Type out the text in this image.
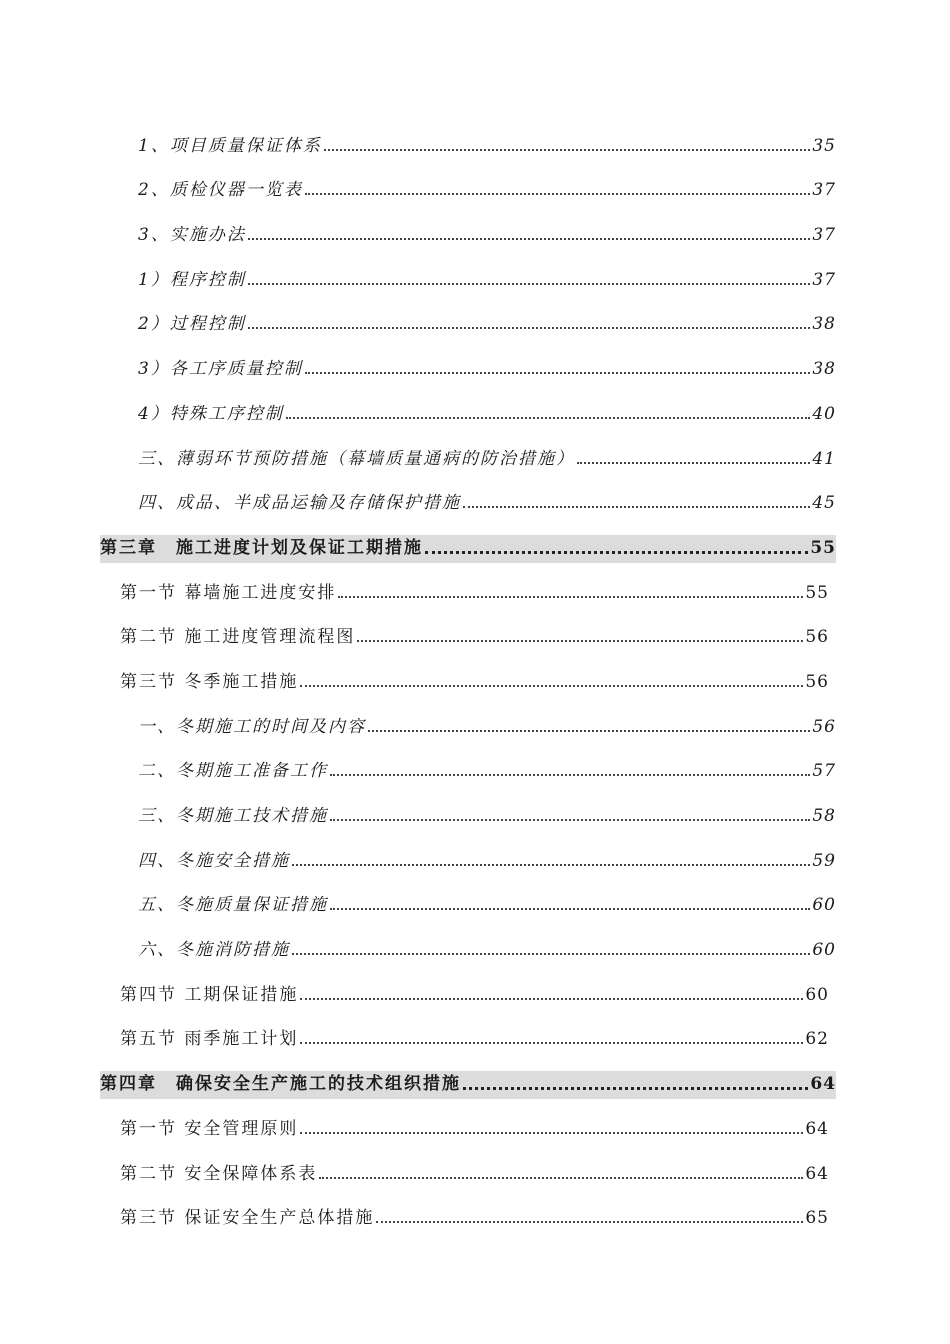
1、项目质量保证体系	35
2、质检仪器一览表	37
3、实施办法	37
1）程序控制	37
2）过程控制	38
3）各工序质量控制	38
4）特殊工序控制	40
三、薄弱环节预防措施（幕墙质量通病的防治措施）	41
四、成品、半成品运输及存储保护措施	45
第三章　施工进度计划及保证工期措施	55
第一节 幕墙施工进度安排	55
第二节 施工进度管理流程图	56
第三节 冬季施工措施	56
一、冬期施工的时间及内容	56
二、冬期施工准备工作	57
三、冬期施工技术措施	58
四、冬施安全措施	59
五、冬施质量保证措施	60
六、冬施消防措施	60
第四节 工期保证措施	60
第五节 雨季施工计划	62
第四章　确保安全生产施工的技术组织措施	64
第一节 安全管理原则	64
第二节 安全保障体系表	64
第三节 保证安全生产总体措施	65
